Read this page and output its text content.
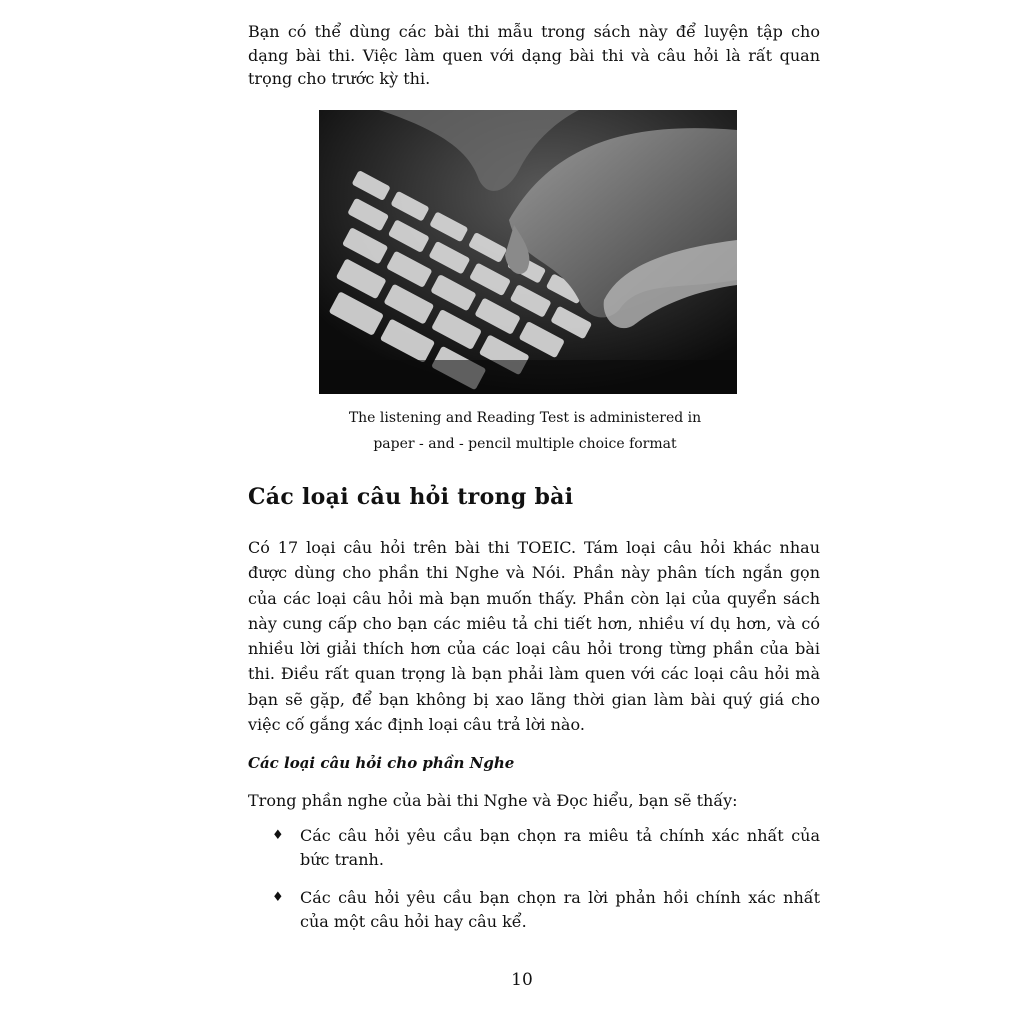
Bạn có thể dùng các bài thi mẫu trong sách này để luyện tập cho dạng bài thi. Việc làm quen với dạng bài thi và câu hỏi là rất quan trọng cho trước kỳ thi.

The listening and Reading Test is administered in
paper - and - pencil multiple choice format

Các loại câu hỏi trong bài

Có 17 loại câu hỏi trên bài thi TOEIC. Tám loại câu hỏi khác nhau được dùng cho phần thi Nghe và Nói. Phần này phân tích ngắn gọn của các loại câu hỏi mà bạn muốn thấy. Phần còn lại của quyển sách này cung cấp cho bạn các miêu tả chi tiết hơn, nhiều ví dụ hơn, và có nhiều lời giải thích hơn của các loại câu hỏi trong từng phần của bài thi. Điều rất quan trọng là bạn phải làm quen với các loại câu hỏi mà bạn sẽ gặp, để bạn không bị xao lãng thời gian làm bài quý giá cho việc cố gắng xác định loại câu trả lời nào.

Các loại câu hỏi cho phần Nghe

Trong phần nghe của bài thi Nghe và Đọc hiểu, bạn sẽ thấy:

♦ Các câu hỏi yêu cầu bạn chọn ra miêu tả chính xác nhất của bức tranh.
♦ Các câu hỏi yêu cầu bạn chọn ra lời phản hồi chính xác nhất của một câu hỏi hay câu kể.

10
